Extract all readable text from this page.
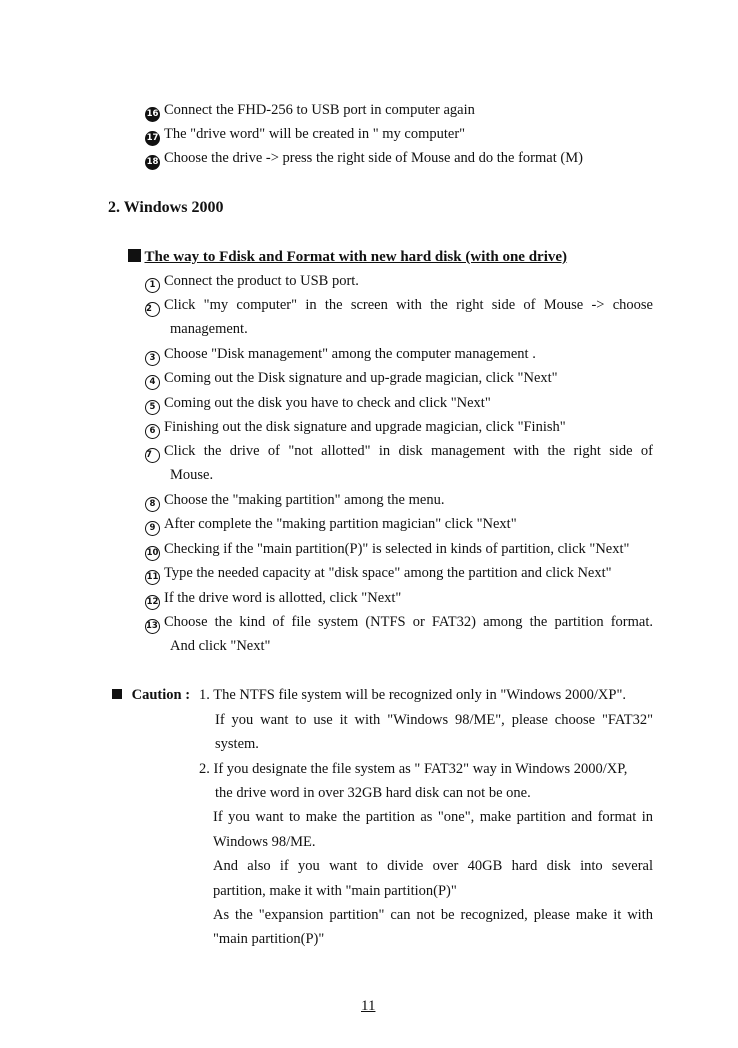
16 Connect the FHD-256 to USB port in computer again
17 The "drive word" will be created in " my computer"
18 Choose the drive -> press the right side of Mouse and do the format (M)
2. Windows 2000
The way to Fdisk and Format with new hard disk (with one drive)
1 Connect the product to USB port.
2 Click "my computer" in the screen with the right side of Mouse -> choose
management.
3 Choose "Disk management" among the computer management .
4 Coming out the Disk signature and up-grade magician, click "Next"
5 Coming out the disk you have to check and click "Next"
6 Finishing out the disk signature and upgrade magician, click "Finish"
7 Click the drive of "not allotted" in disk management with the right side of
Mouse.
8 Choose the "making partition" among the menu.
9 After complete the "making partition magician" click "Next"
10 Checking if the "main partition(P)" is selected in kinds of partition, click "Next"
11 Type the needed capacity at "disk space" among the partition and click Next"
12 If the drive word is allotted, click "Next"
13 Choose the kind of file system (NTFS or FAT32) among the partition format.
And click "Next"
Caution : 1. The NTFS file system will be recognized only in "Windows 2000/XP".
If you want to use it with "Windows 98/ME", please choose "FAT32"
system.
2. If you designate the file system as " FAT32" way in Windows 2000/XP,
the drive word in over 32GB hard disk can not be one.
If you want to make the partition as "one", make partition and format in
Windows 98/ME.
And also if you want to divide over 40GB hard disk into several
partition, make it with "main partition(P)"
As the "expansion partition" can not be recognized, please make it with
"main partition(P)"
11
